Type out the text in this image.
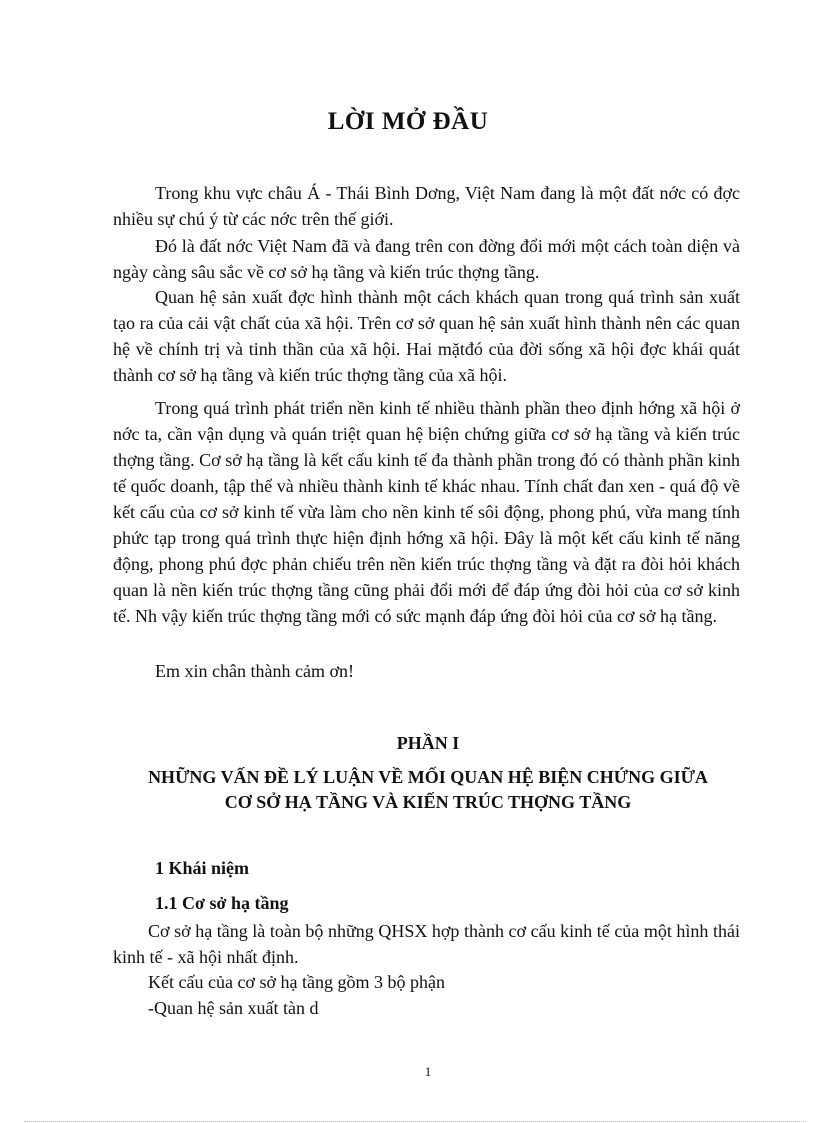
LỜI MỞ ĐẦU

Trong khu vực châu Á - Thái Bình Dơng, Việt Nam đang là một đất nớc có đợc nhiều sự chú ý từ các nớc trên thế giới.

Đó là đất nớc Việt Nam đã và đang trên con đờng đổi mới một cách toàn diện và ngày càng sâu sắc về cơ sở hạ tầng và kiến trúc thợng tầng.

Quan hệ sản xuất đợc hình thành một cách khách quan trong quá trình sản xuất tạo ra của cải vật chất của xã hội. Trên cơ sở quan hệ sản xuất hình thành nên các quan hệ về chính trị và tinh thần của xã hội. Hai mặtđó của đời sống xã hội đợc khái quát thành cơ sở hạ tầng và kiến trúc thợng tầng của xã hội.

Trong quá trình phát triển nền kinh tế nhiều thành phần theo định hớng xã hội ở nớc ta, cần vận dụng và quán triệt quan hệ biện chứng giữa cơ sở hạ tầng và kiến trúc thợng tầng. Cơ sở hạ tầng là kết cấu kinh tế đa thành phần trong đó có thành phần kinh tế quốc doanh, tập thể và nhiều thành kinh tế khác nhau. Tính chất đan xen - quá độ về kết cấu của cơ sở kinh tế vừa làm cho nền kinh tế sôi động, phong phú, vừa mang tính phức tạp trong quá trình thực hiện định hớng xã hội. Đây là một kết cấu kinh tế năng động, phong phú đợc phản chiếu trên nền kiến trúc thợng tầng và đặt ra đòi hỏi khách quan là nền kiến trúc thợng tầng cũng phải đổi mới để đáp ứng đòi hỏi của cơ sở kinh tế. Nh vậy kiến trúc thợng tầng mới có sức mạnh đáp ứng đòi hỏi của cơ sở hạ tầng.

Em xin chân thành cảm ơn!

PHẦN I
NHỮNG VẤN ĐỀ LÝ LUẬN VỀ MỐI QUAN HỆ BIỆN CHỨNG GIỮA
CƠ SỞ HẠ TẦNG VÀ KIẾN TRÚC THỢNG TẦNG
1 Khái niệm
1.1 Cơ sở hạ tầng

Cơ sở hạ tầng là toàn bộ những QHSX hợp thành cơ cấu kinh tế của một hình thái kinh tế - xã hội nhất định.

Kết cấu của cơ sở hạ tầng gồm 3 bộ phận
-Quan hệ sản xuất tàn d
1
